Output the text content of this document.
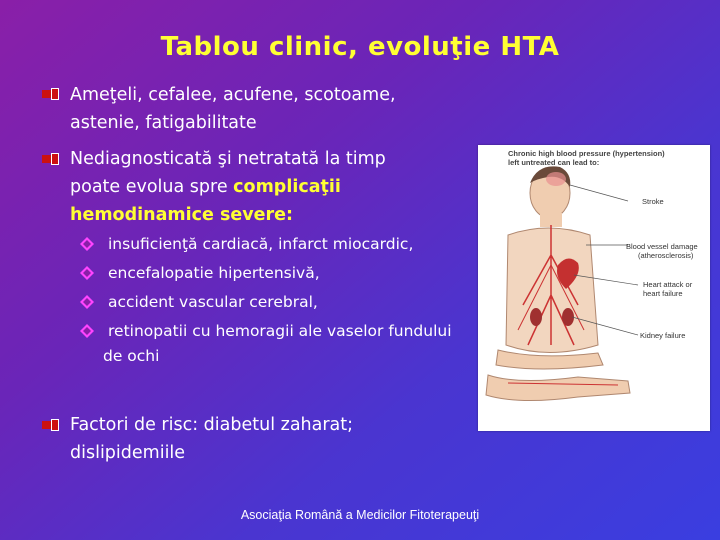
Tablou clinic, evoluţie HTA
Ameţeli, cefalee, acufene, scotoame,
astenie, fatigabilitate
Nediagnosticată şi netratată la timp
poate evolua spre complicaţii
hemodinamice severe:
insuficienţă cardiacă, infarct miocardic,
encefalopatie hipertensivă,
accident vascular cerebral,
retinopatii cu hemoragii ale vaselor fundului
de ochi
Factori de risc: diabetul zaharat;
dislipidemiile
Chronic high blood pressure (hypertension)
left untreated can lead to:
Stroke
Blood vessel damage
(atherosclerosis)
Heart attack or
heart failure
Kidney failure
Asociaţia Română a Medicilor Fitoterapeuţi
